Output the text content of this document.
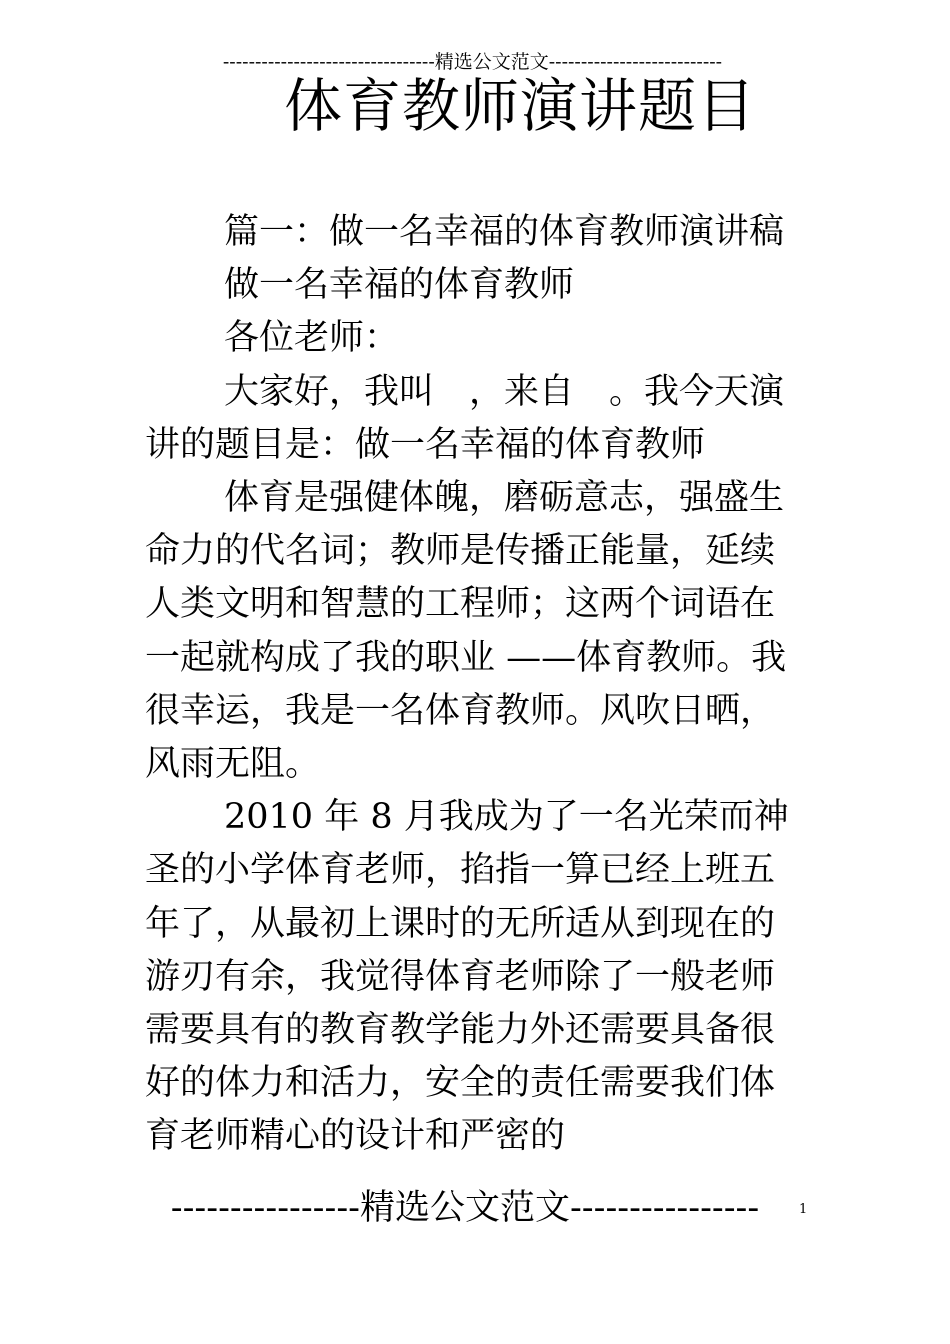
---------------------------------精选公文范文---------------------------
体育教师演讲题目

篇一：做一名幸福的体育教师演讲稿

做一名幸福的体育教师

各位老师：

大家好，我叫　，来自　。我今天演讲的题目是：做一名幸福的体育教师

体育是强健体魄，磨砺意志，强盛生命力的代名词；教师是传播正能量，延续人类文明和智慧的工程师；这两个词语在一起就构成了我的职业 ——体育教师。我很幸运，我是一名体育教师。风吹日晒，风雨无阻。

2010 年 8 月我成为了一名光荣而神圣的小学体育老师，掐指一算已经上班五年了，从最初上课时的无所适从到现在的游刃有余，我觉得体育老师除了一般老师需要具有的教育教学能力外还需要具备很好的体力和活力，安全的责任需要我们体育老师精心的设计和严密的

----------------精选公文范文----------------	1
